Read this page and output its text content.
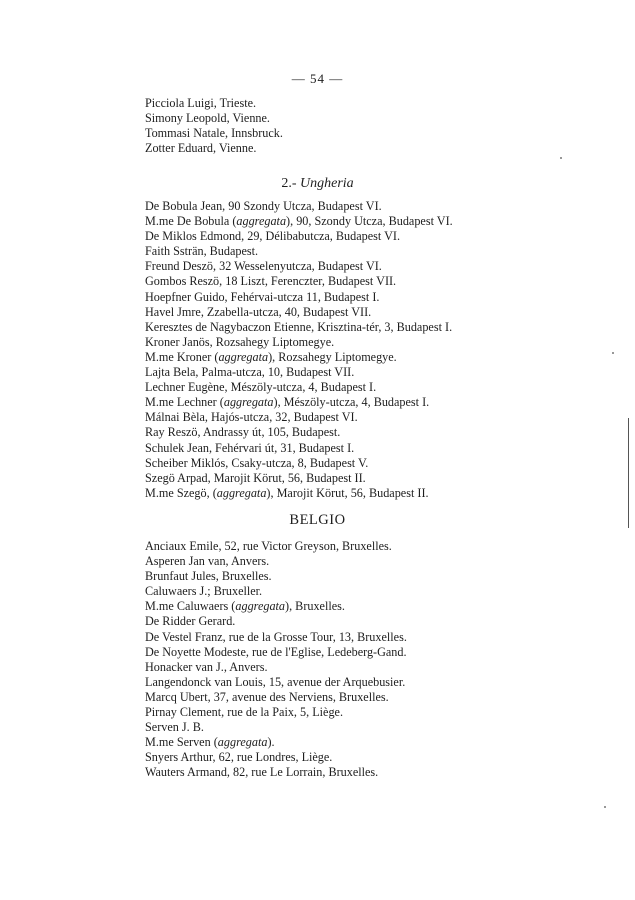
— 54 —
Picciola Luigi, Trieste.
Simony Leopold, Vienne.
Tommasi Natale, Innsbruck.
Zotter Eduard, Vienne.
2.- Ungheria
De Bobula Jean, 90 Szondy Utcza, Budapest VI.
M.me De Bobula (aggregata), 90, Szondy Utcza, Budapest VI.
De Miklos Edmond, 29, Délibabutcza, Budapest VI.
Faith Ssträn, Budapest.
Freund Deszö, 32 Wesselenyutcza, Budapest VI.
Gombos Reszö, 18 Liszt, Ferenczter, Budapest VII.
Hoepfner Guido, Fehérvai-utcza 11, Budapest I.
Havel Jmre, Zzabella-utcza, 40, Budapest VII.
Keresztes de Nagybaczon Etienne, Krisztina-tér, 3, Budapest I.
Kroner Janös, Rozsahegy Liptomegye.
M.me Kroner (aggregata), Rozsahegy Liptomegye.
Lajta Bela, Palma-utcza, 10, Budapest VII.
Lechner Eugène, Mészöly-utcza, 4, Budapest I.
M.me Lechner (aggregata), Mészöly-utcza, 4, Budapest I.
Málnai Bèla, Hajós-utcza, 32, Budapest VI.
Ray Reszö, Andrassy út, 105, Budapest.
Schulek Jean, Fehérvari út, 31, Budapest I.
Scheiber Miklós, Csaky-utcza, 8, Budapest V.
Szegö Arpad, Marojit Körut, 56, Budapest II.
M.me Szegö, (aggregata), Marojit Körut, 56, Budapest II.
BELGIO
Anciaux Emile, 52, rue Victor Greyson, Bruxelles.
Asperen Jan van, Anvers.
Brunfaut Jules, Bruxelles.
Caluwaers J.; Bruxeller.
M.me Caluwaers (aggregata), Bruxelles.
De Ridder Gerard.
De Vestel Franz, rue de la Grosse Tour, 13, Bruxelles.
De Noyette Modeste, rue de l'Eglise, Ledeberg-Gand.
Honacker van J., Anvers.
Langendonck van Louis, 15, avenue der Arquebusier.
Marcq Ubert, 37, avenue des Nerviens, Bruxelles.
Pirnay Clement, rue de la Paix, 5, Liège.
Serven J. B.
M.me Serven (aggregata).
Snyers Arthur, 62, rue Londres, Liège.
Wauters Armand, 82, rue Le Lorrain, Bruxelles.
